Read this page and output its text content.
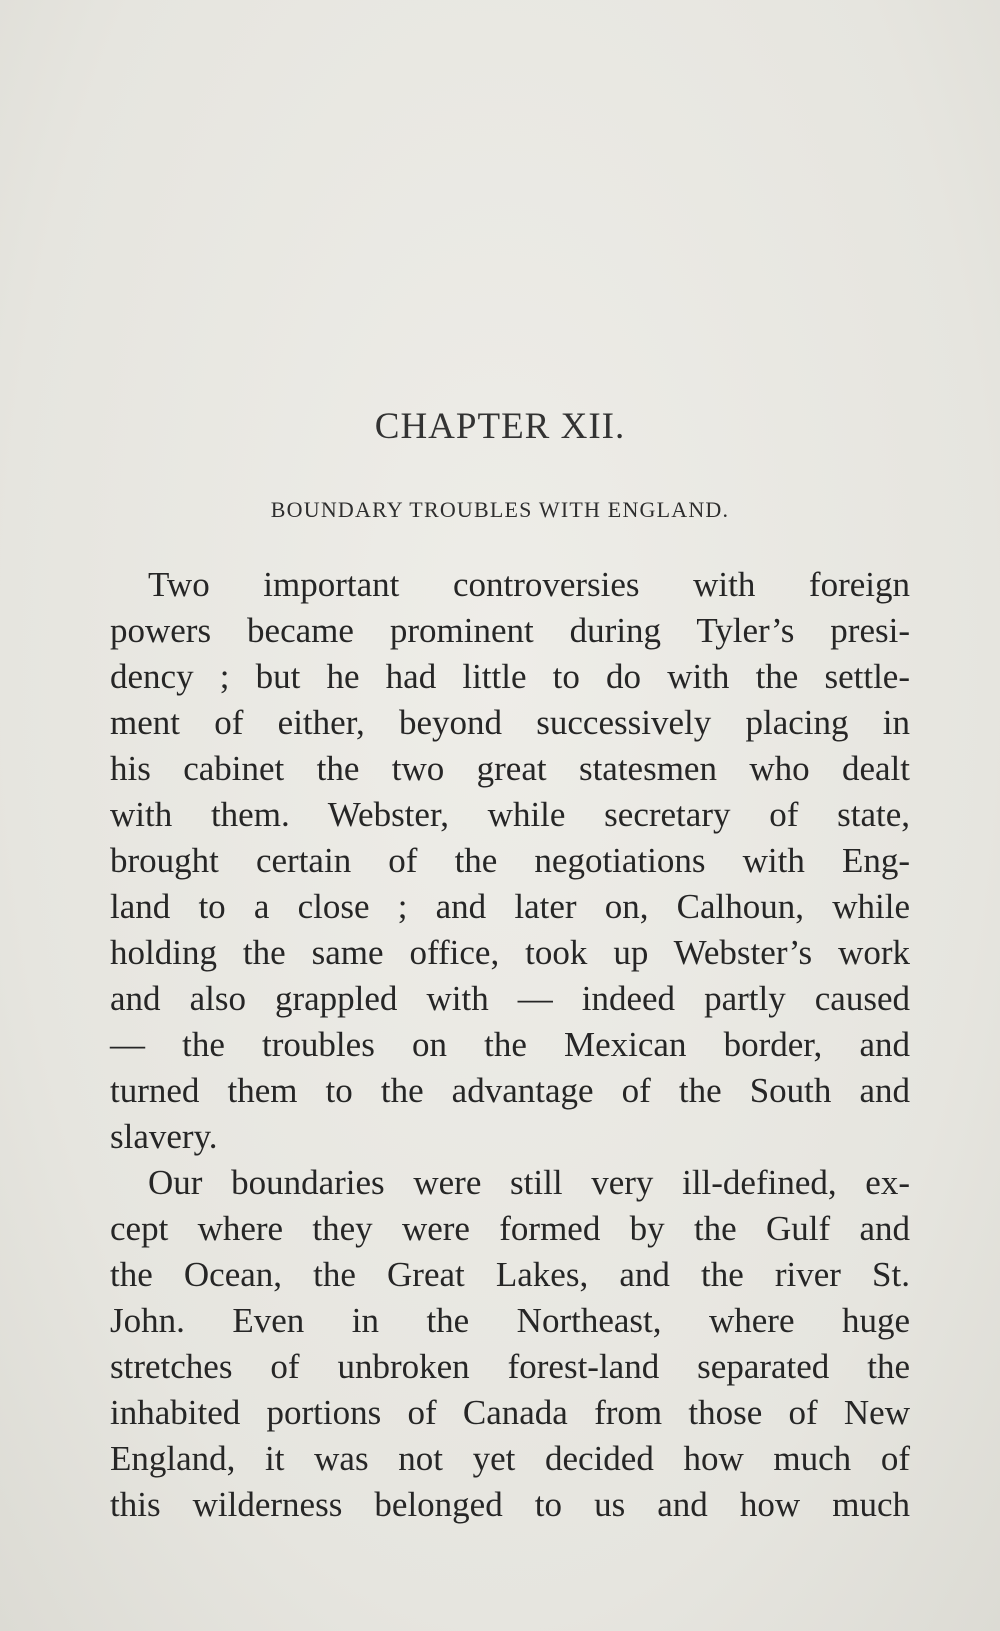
CHAPTER XII.
BOUNDARY TROUBLES WITH ENGLAND.
Two important controversies with foreign
powers became prominent during Tyler’s presi-
dency ; but he had little to do with the settle-
ment of either, beyond successively placing in
his cabinet the two great statesmen who dealt
with them. Webster, while secretary of state,
brought certain of the negotiations with Eng-
land to a close ; and later on, Calhoun, while
holding the same office, took up Webster’s work
and also grappled with — indeed partly caused
— the troubles on the Mexican border, and
turned them to the advantage of the South and
slavery.
Our boundaries were still very ill-defined, ex-
cept where they were formed by the Gulf and
the Ocean, the Great Lakes, and the river St.
John. Even in the Northeast, where huge
stretches of unbroken forest-land separated the
inhabited portions of Canada from those of New
England, it was not yet decided how much of
this wilderness belonged to us and how much
